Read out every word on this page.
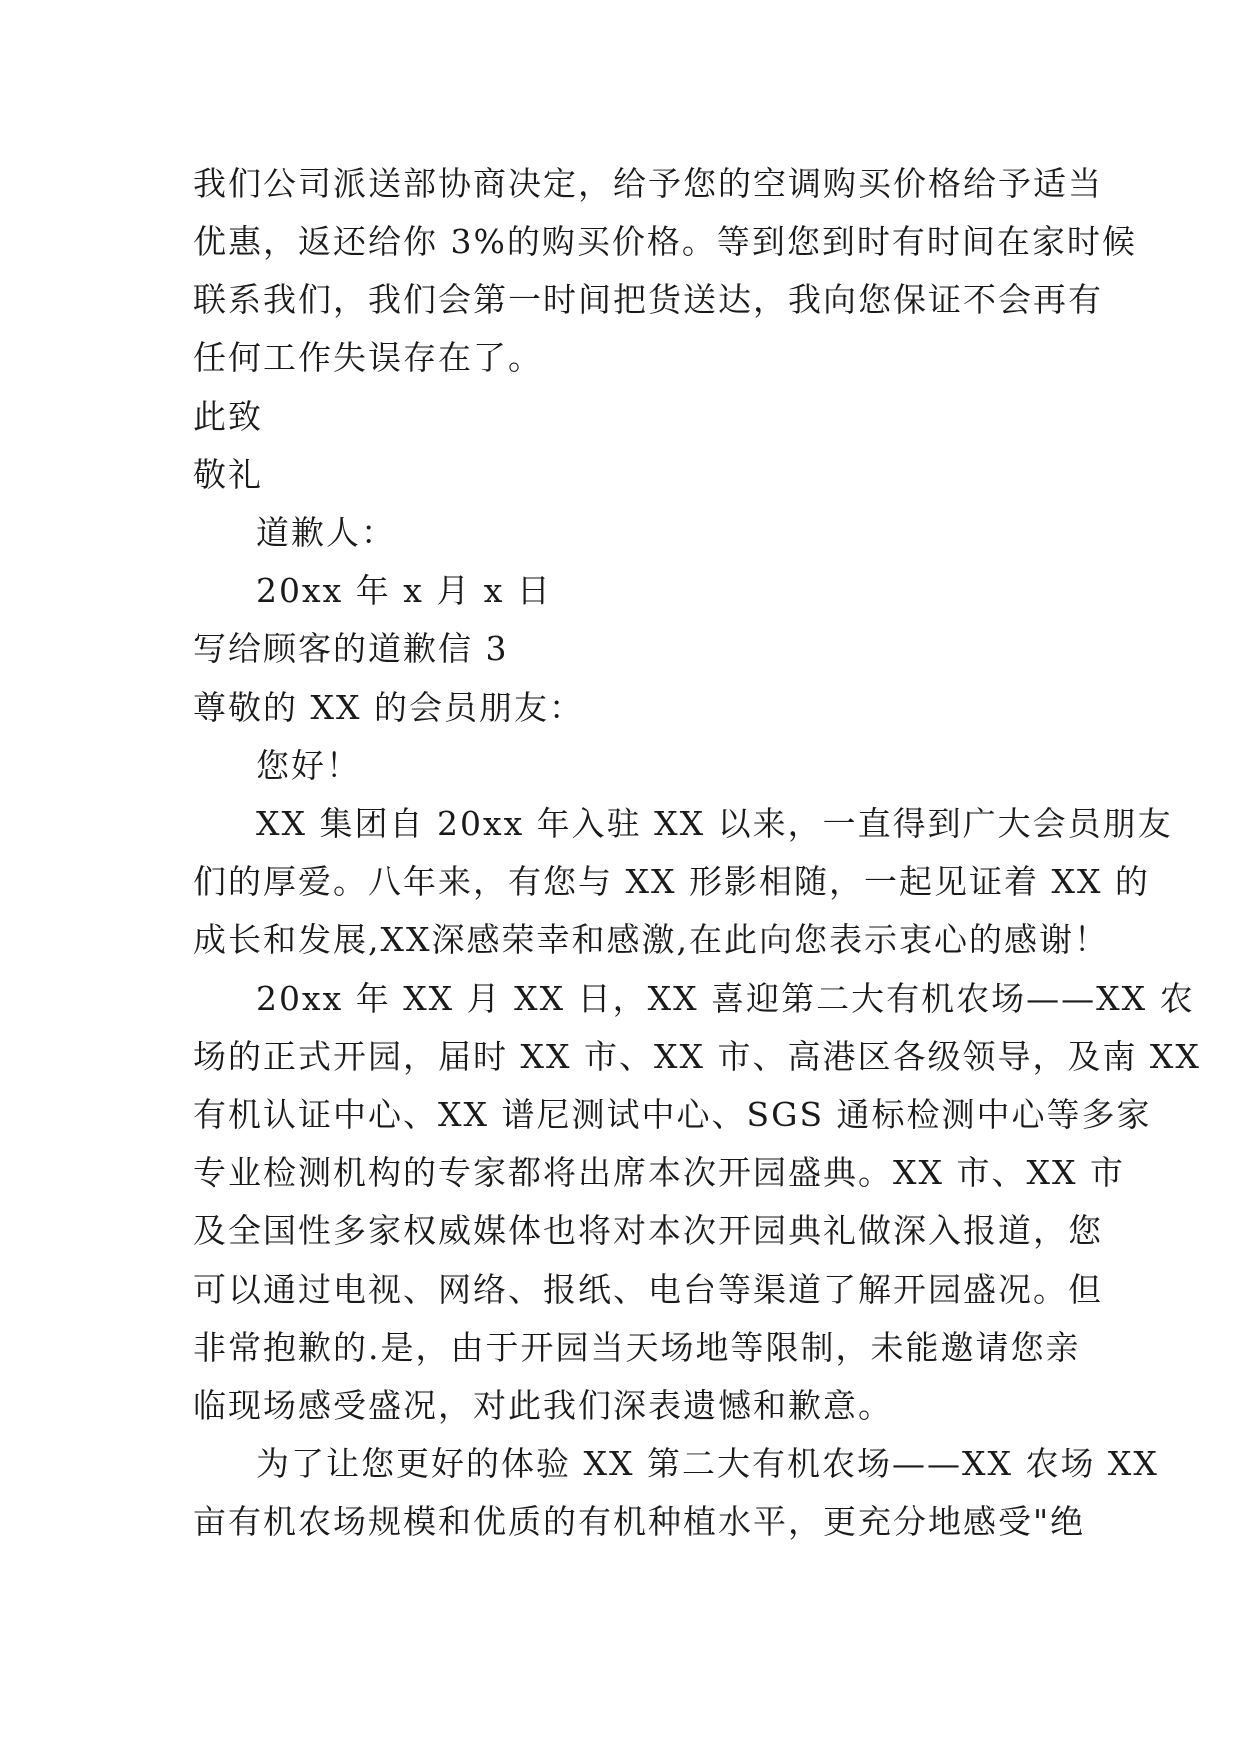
我们公司派送部协商决定，给予您的空调购买价格给予适当
优惠，返还给你 3%的购买价格。等到您到时有时间在家时候
联系我们，我们会第一时间把货送达，我向您保证不会再有
任何工作失误存在了。
此致
敬礼
道歉人：
20xx 年 x 月 x 日
写给顾客的道歉信 3
尊敬的 XX 的会员朋友：
您好！
XX 集团自 20xx 年入驻 XX 以来，一直得到广大会员朋友
们的厚爱。八年来，有您与 XX 形影相随，一起见证着 XX 的
成长和发展,XX深感荣幸和感激,在此向您表示衷心的感谢！
20xx 年 XX 月 XX 日，XX 喜迎第二大有机农场——XX 农
场的正式开园，届时 XX 市、XX 市、高港区各级领导，及南 XX
有机认证中心、XX 谱尼测试中心、SGS 通标检测中心等多家
专业检测机构的专家都将出席本次开园盛典。XX 市、XX 市
及全国性多家权威媒体也将对本次开园典礼做深入报道，您
可以通过电视、网络、报纸、电台等渠道了解开园盛况。但
非常抱歉的.是，由于开园当天场地等限制，未能邀请您亲
临现场感受盛况，对此我们深表遗憾和歉意。
为了让您更好的体验 XX 第二大有机农场——XX 农场 XX
亩有机农场规模和优质的有机种植水平，更充分地感受"绝
